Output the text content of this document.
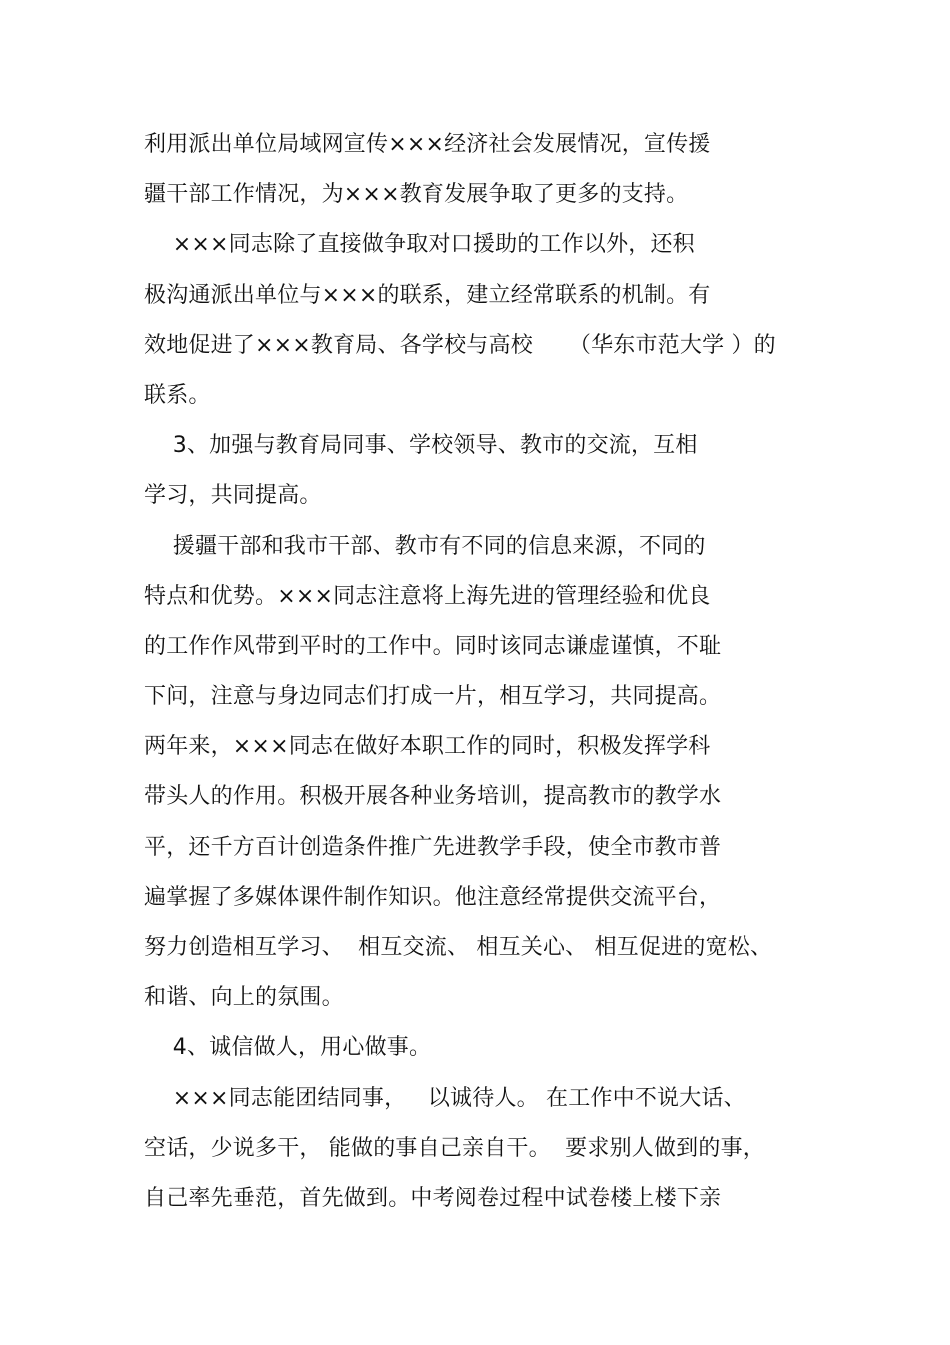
利用派出单位局域网宣传×××经济社会发展情况，宣传援
疆干部工作情况，为×××教育发展争取了更多的支持。
×××同志除了直接做争取对口援助的工作以外，还积
极沟通派出单位与×××的联系，建立经常联系的机制。有
效地促进了×××教育局、各学校与高校     （华东市范大学 ）的
联系。
3、加强与教育局同事、学校领导、教市的交流，互相
学习，共同提高。
援疆干部和我市干部、教市有不同的信息来源，不同的
特点和优势。×××同志注意将上海先进的管理经验和优良
的工作作风带到平时的工作中。同时该同志谦虚谨慎，不耻
下问，注意与身边同志们打成一片，相互学习，共同提高。
两年来，×××同志在做好本职工作的同时，积极发挥学科
带头人的作用。积极开展各种业务培训，提高教市的教学水
平，还千方百计创造条件推广先进教学手段，使全市教市普
遍掌握了多媒体课件制作知识。他注意经常提供交流平台，
努力创造相互学习、  相互交流、 相互关心、 相互促进的宽松、
和谐、向上的氛围。
4、诚信做人，用心做事。
×××同志能团结同事，   以诚待人。 在工作中不说大话、
空话，少说多干， 能做的事自己亲自干。  要求别人做到的事，
自己率先垂范，首先做到。中考阅卷过程中试卷楼上楼下亲
